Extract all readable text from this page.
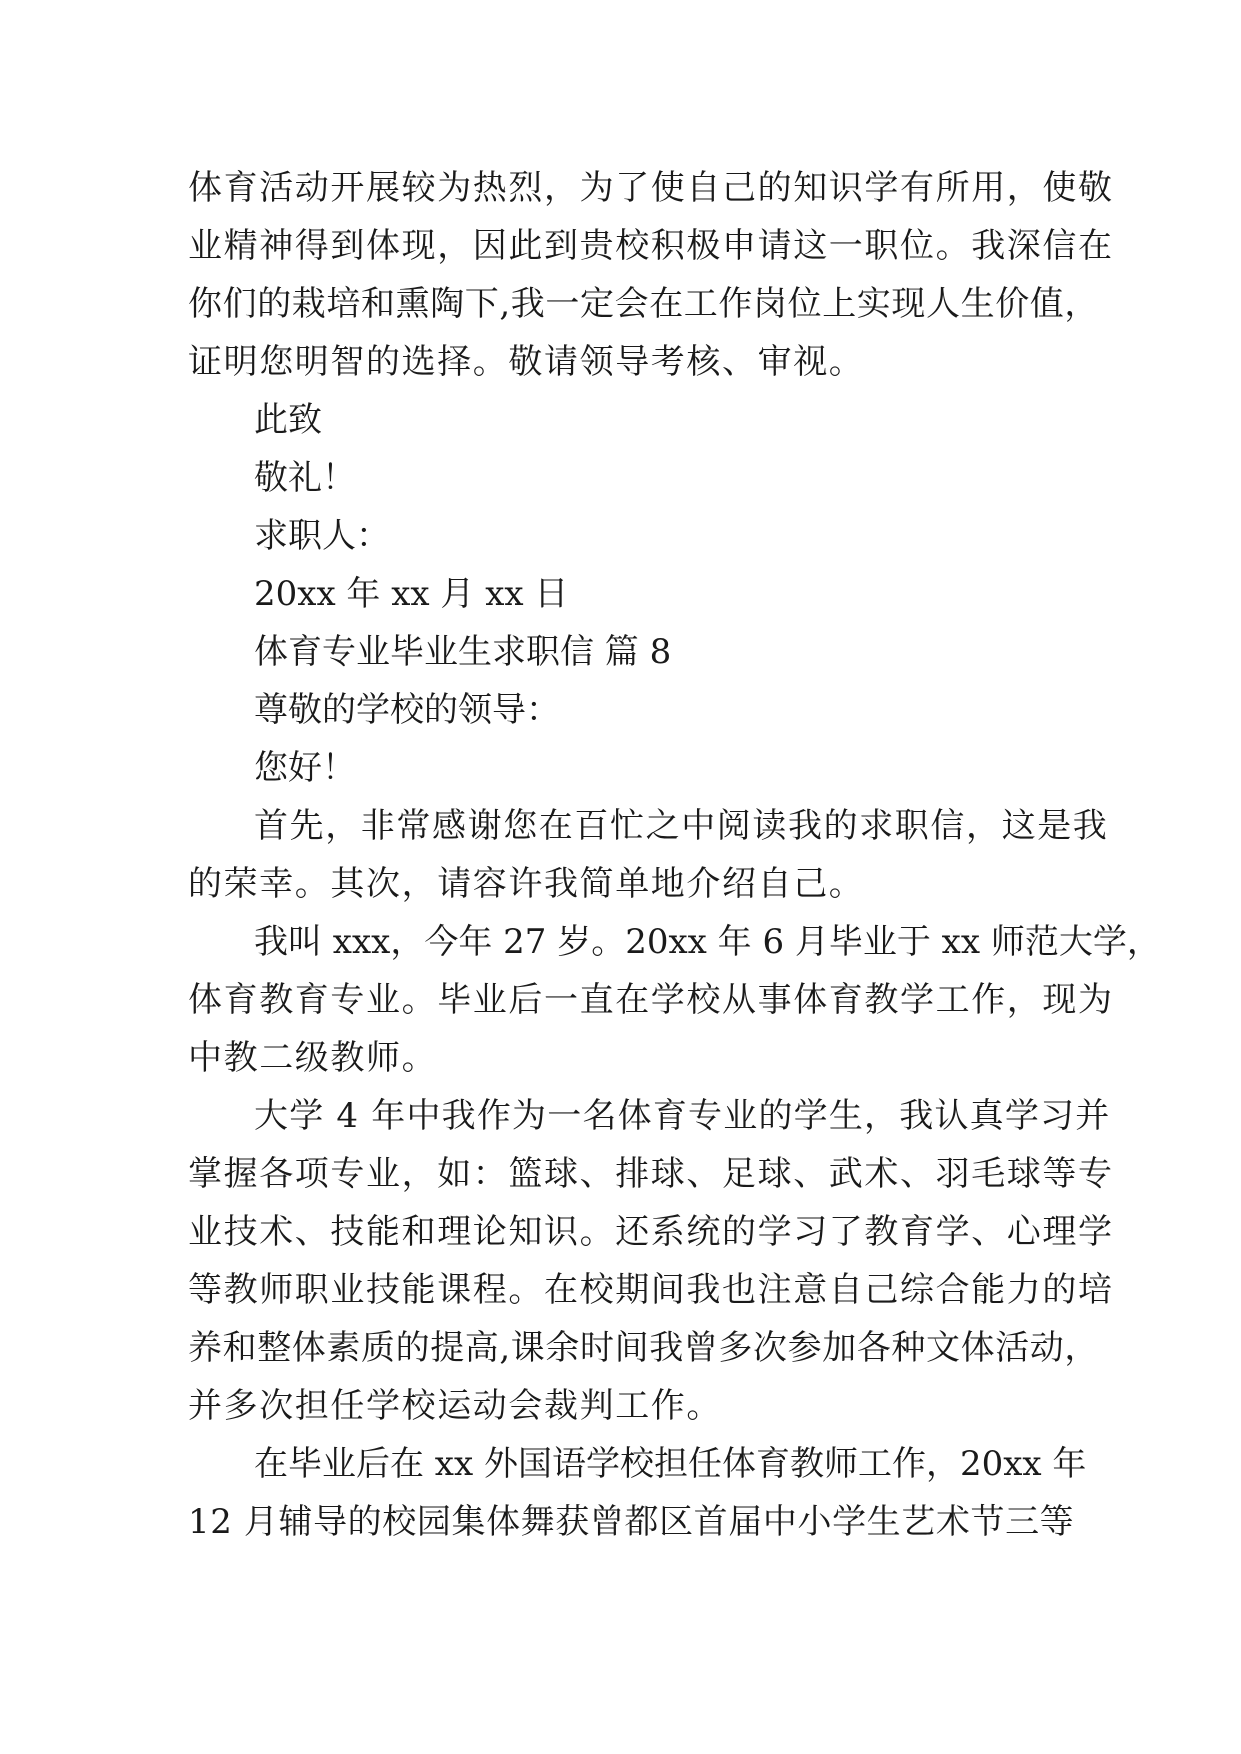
体育活动开展较为热烈，为了使自己的知识学有所用，使敬
业精神得到体现，因此到贵校积极申请这一职位。我深信在
你们的栽培和熏陶下,我一定会在工作岗位上实现人生价值，
证明您明智的选择。敬请领导考核、审视。
此致
敬礼！
求职人：
20xx 年 xx 月 xx 日
体育专业毕业生求职信 篇 8
尊敬的学校的领导：
您好！
首先，非常感谢您在百忙之中阅读我的求职信，这是我
的荣幸。其次，请容许我简单地介绍自己。
我叫 xxx，今年 27 岁。20xx 年 6 月毕业于 xx 师范大学，
体育教育专业。毕业后一直在学校从事体育教学工作，现为
中教二级教师。
大学 4 年中我作为一名体育专业的学生，我认真学习并
掌握各项专业，如：篮球、排球、足球、武术、羽毛球等专
业技术、技能和理论知识。还系统的学习了教育学、心理学
等教师职业技能课程。在校期间我也注意自己综合能力的培
养和整体素质的提高,课余时间我曾多次参加各种文体活动，
并多次担任学校运动会裁判工作。
在毕业后在 xx 外国语学校担任体育教师工作，20xx 年
12 月辅导的校园集体舞获曾都区首届中小学生艺术节三等
